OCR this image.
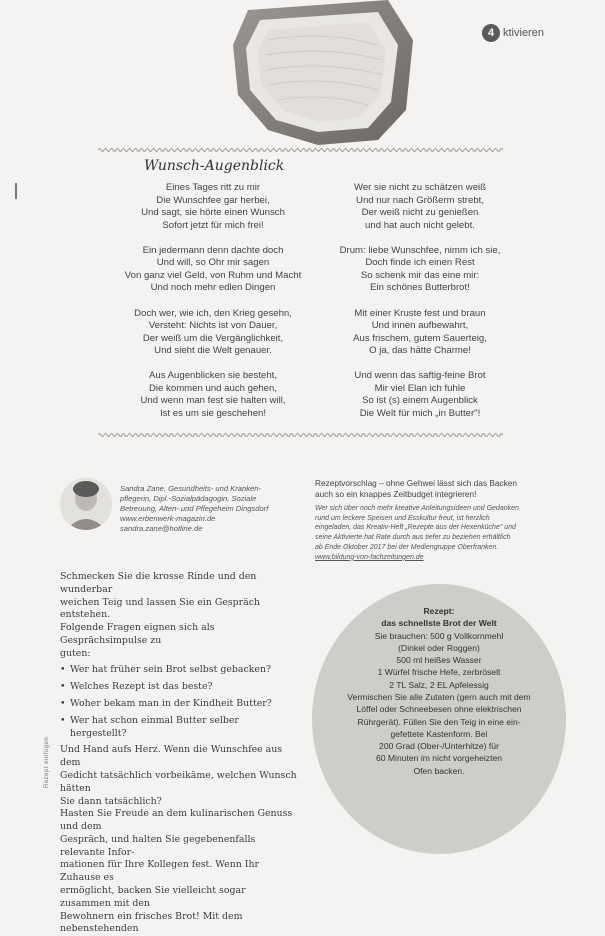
4 ktivieren
Wunsch-Augenblick
Eines Tages ritt zu mir
Die Wunschfee gar herbei,
Und sagt, sie hörte einen Wunsch
Sofort jetzt für mich frei!
Ein jedermann denn dachte doch
Und will, so Ohr mir sagen
Von ganz viel Geld, von Ruhm und Macht
Und noch mehr edlen Dingen
Doch wer, wie ich, den Krieg gesehn,
Versteht: Nichts ist von Dauer,
Der weiß um die Vergänglichkeit,
Und sieht die Welt genauer.
Aus Augenblicken sie besteht,
Die kommen und auch gehen,
Und wenn man fest sie halten will,
Ist es um sie geschehen!
Wer sie nicht zu schätzen weiß
Und nur nach Größerm strebt,
Der weiß nicht zu genießen
und hat auch nicht gelebt.
Drum: liebe Wunschfee, nimm ich sie,
Doch finde ich einen Rest
So schenk mir das eine mir:
Ein schönes Butterbrot!
Mit einer Kruste fest und braun
Und innen aufbewahrt,
Aus frischem, gutem Sauerteig,
O ja, das hätte Charme!
Und wenn das saftig-feine Brot
Mir viel Elan ich fuhle
So ist (s) einem Augenblick
Die Welt für mich „in Butter"!
Sandra Zane, Gesundheits- und Kranken-
pflegerin, Dipl.-Sozialpädagogin, Soziale
Betreuung, Alten- und Pflegeheim Dingsdorf
www.erbenwerk-magazin.de
sandra.zane@hotline.de
Rezeptvorschlag – ohne Gehwei lässt sich das Backen
auch so ein knappes Zeitbudget integrieren!
Wer sich über noch mehr kreative Anleitungsideen und Gedanken
rund um leckere Speisen und Esskultur freut, ist herzlich
eingeladen, das Kreativ-Heft „Rezepte aus der Hexenküche" und
seine Aktivierte hat Rate durch aus tiefer zu beziehen erhältlich
ab Ende Oktober 2017 bei der Mediengruppe Oberfranken.
www.bildung-von-fachzeitungen.de

Schmecken Sie die krosse Rinde und den wunderbar
weichen Teig und lassen Sie ein Gespräch entstehen.
Folgende Fragen eignen sich als Gesprächsimpulse zu
guten:

• Wer hat früher sein Brot selbst gebacken?
• Welches Rezept ist das beste?
• Woher bekam man in der Kindheit Butter?
• Wer hat schon einmal Butter selber hergestellt?

Und Hand aufs Herz. Wenn die Wunschfee aus dem
Gedicht tatsächlich vorbeikäme, welchen Wunsch hätten
Sie dann tatsächlich?
Hasten Sie Freude an dem kulinarischen Genuss und dem
Gespräch, und halten Sie gegebenenfalls relevante Infor-
mationen für Ihre Kollegen fest. Wenn Ihr Zuhause es
ermöglicht, backen Sie vielleicht sogar zusammen mit den
Bewohnern ein frisches Brot! Mit dem nebenstehenden

Rezept einfügen
Rezept:
das schnellste Brot der Welt
Sie brauchen: 500 g Vollkornmehl
(Dinkel oder Roggen)
500 ml heißes Wasser
1 Würfel frische Hefe, zerbröselt
2 TL Salz, 2 EL Apfelessig
Vermischen Sie alle Zutaten (gern auch mit dem
Löffel oder Schneebesen ohne elektrischen
Rührgerät). Füllen Sie den Teig in eine ein-
gefettete Kastenform. Bei
200 Grad (Ober-/Unterhitze) für
60 Minuten im nicht vorgeheizten
Ofen backen.
